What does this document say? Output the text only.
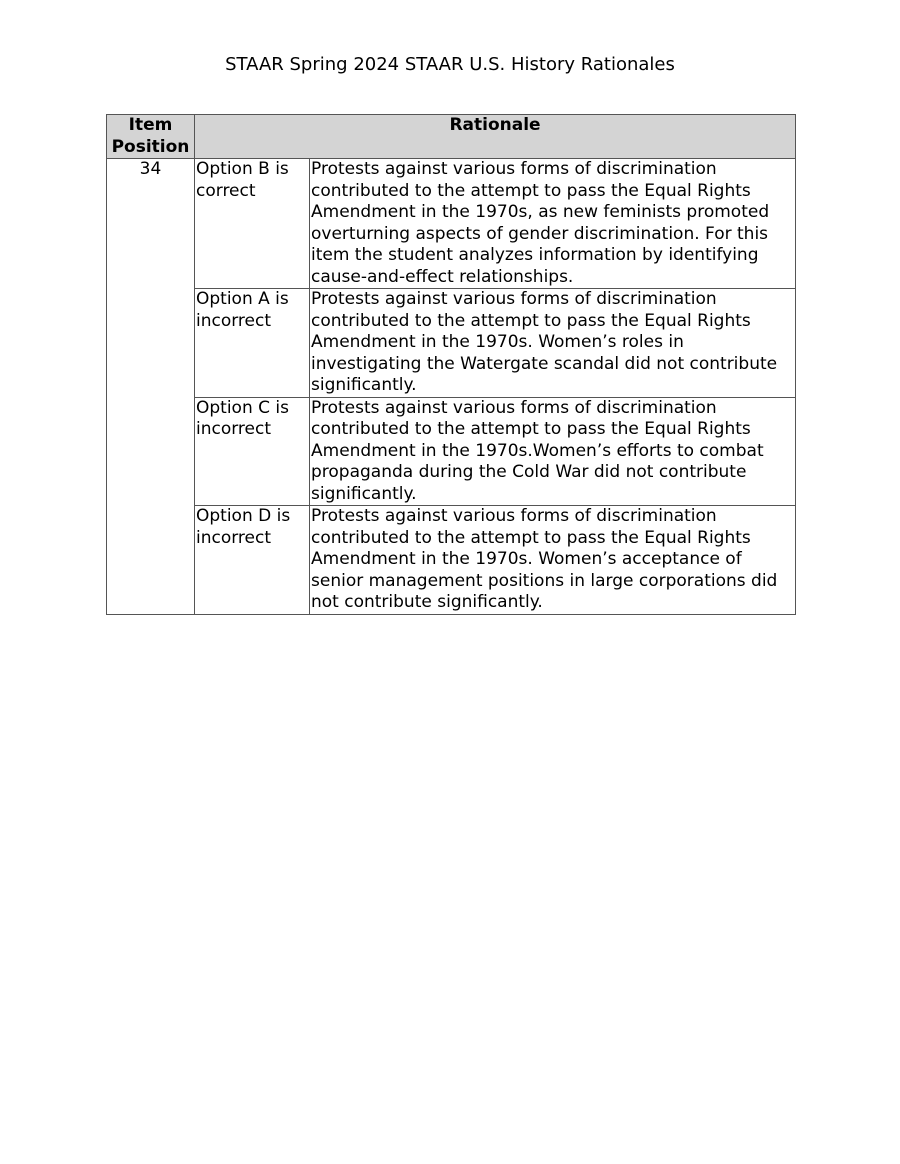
STAAR Spring 2024 STAAR U.S. History Rationales
Item Position	Rationale	
34	Option B is correct	Protests against various forms of discrimination contributed to the attempt to pass the Equal Rights Amendment in the 1970s, as new feminists promoted overturning aspects of gender discrimination. For this item the student analyzes information by identifying cause-and-effect relationships.
	Option A is incorrect	Protests against various forms of discrimination contributed to the attempt to pass the Equal Rights Amendment in the 1970s. Women’s roles in investigating the Watergate scandal did not contribute significantly.
	Option C is incorrect	Protests against various forms of discrimination contributed to the attempt to pass the Equal Rights Amendment in the 1970s.Women’s efforts to combat propaganda during the Cold War did not contribute significantly.
	Option D is incorrect	Protests against various forms of discrimination contributed to the attempt to pass the Equal Rights Amendment in the 1970s. Women’s acceptance of senior management positions in large corporations did not contribute significantly.
